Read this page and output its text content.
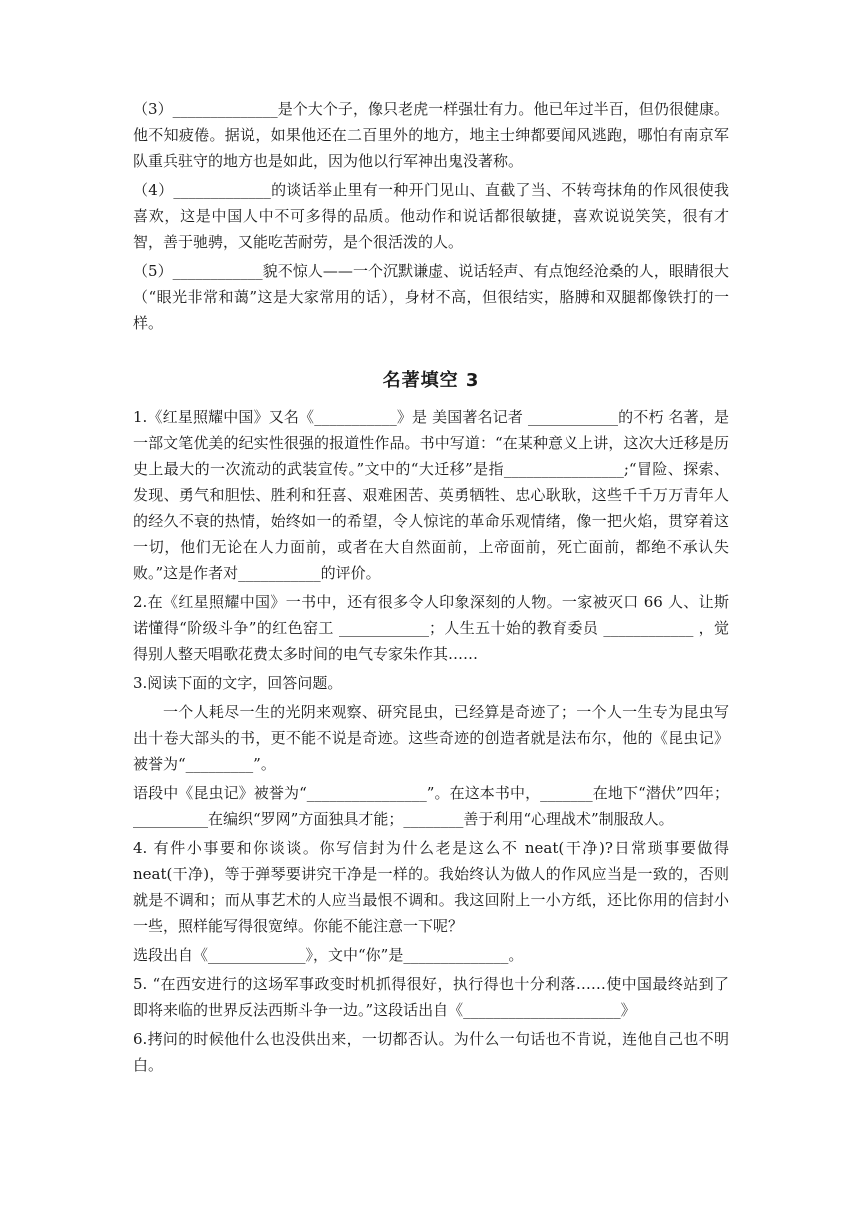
（3）______________是个大个子，像只老虎一样强壮有力。他已年过半百，但仍很健康。他不知疲倦。据说，如果他还在二百里外的地方，地主士绅都要闻风逃跑，哪怕有南京军队重兵驻守的地方也是如此，因为他以行军神出鬼没著称。

（4）_____________的谈话举止里有一种开门见山、直截了当、不转弯抹角的作风很使我喜欢，这是中国人中不可多得的品质。他动作和说话都很敏捷，喜欢说说笑笑，很有才智，善于驰骋，又能吃苦耐劳，是个很活泼的人。

（5）____________貌不惊人——一个沉默谦虚、说话轻声、有点饱经沧桑的人，眼睛很大（“眼光非常和蔼”这是大家常用的话），身材不高，但很结实，胳膊和双腿都像铁打的一样。

名著填空 3

1.《红星照耀中国》又名《___________》是 美国著名记者 ____________的不朽 名著，是一部文笔优美的纪实性很强的报道性作品。书中写道：“在某种意义上讲，这次大迁移是历史上最大的一次流动的武装宣传。”文中的“大迁移”是指________________;“冒险、探索、发现、勇气和胆怯、胜利和狂喜、艰难困苦、英勇牺牲、忠心耿耿，这些千千万万青年人的经久不衰的热情，始终如一的希望，令人惊诧的革命乐观情绪，像一把火焰，贯穿着这一切，他们无论在人力面前，或者在大自然面前，上帝面前，死亡面前，都绝不承认失败。”这是作者对___________的评价。

2.在《红星照耀中国》一书中，还有很多令人印象深刻的人物。一家被灭口 66 人、让斯诺懂得“阶级斗争”的红色窑工 ____________；人生五十始的教育委员 ____________ ，觉得别人整天唱歌花费太多时间的电气专家朱作其……

3.阅读下面的文字，回答问题。

一个人耗尽一生的光阴来观察、研究昆虫，已经算是奇迹了；一个人一生专为昆虫写出十卷大部头的书，更不能不说是奇迹。这些奇迹的创造者就是法布尔，他的《昆虫记》被誉为“_________”。

语段中《昆虫记》被誉为“________________”。在这本书中，_______在地下“潜伏”四年；__________在编织“罗网”方面独具才能；________善于利用“心理战术”制服敌人。

4. 有件小事要和你谈谈。你写信封为什么老是这么不 neat(干净)?日常琐事要做得 neat(干净)，等于弹琴要讲究干净是一样的。我始终认为做人的作风应当是一致的，否则就是不调和；而从事艺术的人应当最恨不调和。我这回附上一小方纸，还比你用的信封小一些，照样能写得很宽绰。你能不能注意一下呢？

选段出自《_____________》，文中“你”是______________。

5. “在西安进行的这场军事政变时机抓得很好，执行得也十分利落……使中国最终站到了即将来临的世界反法西斯斗争一边。”这段话出自《_____________________》

6.拷问的时候他什么也没供出来，一切都否认。为什么一句话也不肯说，连他自己也不明白。
